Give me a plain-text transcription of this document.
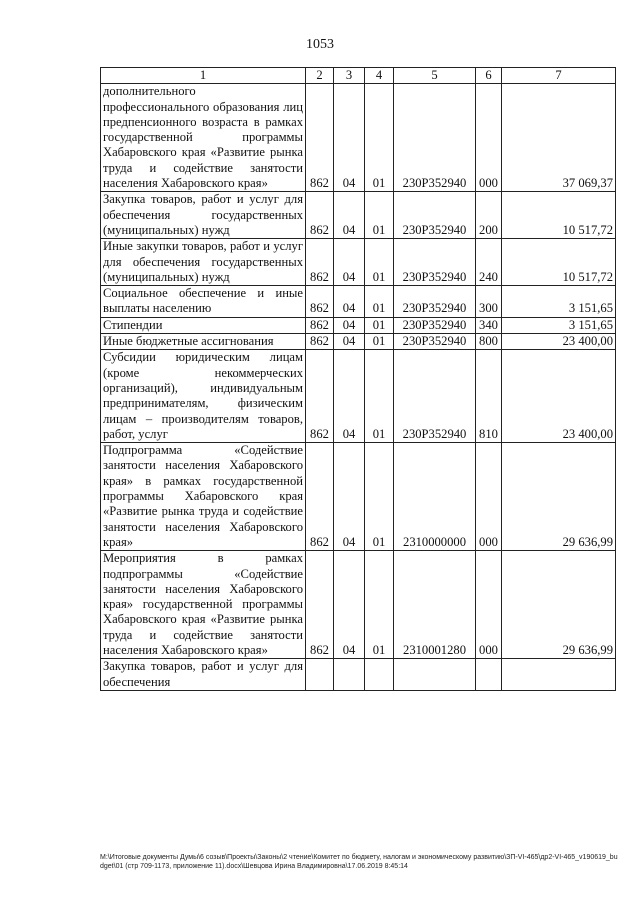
1053
1	2	3	4	5	6	7
дополнительного профессионального образования лиц предпенсионного возраста в рамках государственной программы Хабаровского края «Развитие рынка труда и содействие занятости населения Хабаровского края»	862	04	01	230Р352940	000	37 069,37
Закупка товаров, работ и услуг для обеспечения государственных (муниципальных) нужд	862	04	01	230Р352940	200	10 517,72
Иные закупки товаров, работ и услуг для обеспечения государственных (муниципальных) нужд	862	04	01	230Р352940	240	10 517,72
Социальное обеспечение и иные выплаты населению	862	04	01	230Р352940	300	3 151,65
Стипендии	862	04	01	230Р352940	340	3 151,65
Иные бюджетные ассигнования	862	04	01	230Р352940	800	23 400,00
Субсидии юридическим лицам (кроме некоммерческих организаций), индивидуальным предпринимателям, физическим лицам – производителям товаров, работ, услуг	862	04	01	230Р352940	810	23 400,00
Подпрограмма «Содействие занятости населения Хабаровского края» в рамках государственной программы Хабаровского края «Развитие рынка труда и содействие занятости населения Хабаровского края»	862	04	01	2310000000	000	29 636,99
Мероприятия в рамках подпрограммы «Содействие занятости населения Хабаровского края» государственной программы Хабаровского края «Развитие рынка труда и содействие занятости населения Хабаровского края»	862	04	01	2310001280	000	29 636,99
Закупка товаров, работ и услуг для обеспечения						
M:\Итоговые документы Думы\6 созыв\Проекты\Законы\2 чтение\Комитет по бюджету, налогам и экономическому развитию\ЗП-VI-465\др2-VI-465_v190619_budget\01 (стр 709-1173, приложение 11).docx\Шевцова Ирина Владимировна\17.06.2019 8:45:14
